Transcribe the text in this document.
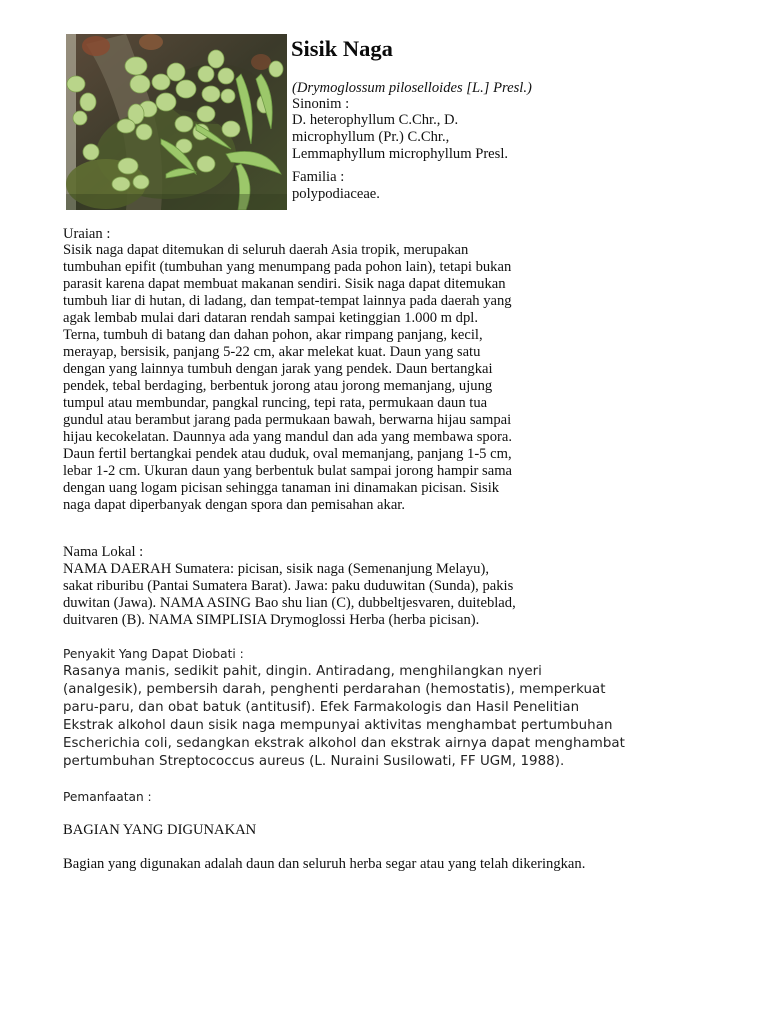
Sisik Naga
(Drymoglossum piloselloides [L.] Presl.)
Sinonim :
D. heterophyllum C.Chr., D.
microphyllum (Pr.) C.Chr.,
Lemmaphyllum microphyllum Presl.
Familia :
polypodiaceae.
Uraian :
Sisik naga dapat ditemukan di seluruh daerah Asia tropik, merupakan
tumbuhan epifit (tumbuhan yang menumpang pada pohon lain), tetapi bukan
parasit karena dapat membuat makanan sendiri. Sisik naga dapat ditemukan
tumbuh liar di hutan, di ladang, dan tempat-tempat lainnya pada daerah yang
agak lembab mulai dari dataran rendah sampai ketinggian 1.000 m dpl.
Terna, tumbuh di batang dan dahan pohon, akar rimpang panjang, kecil,
merayap, bersisik, panjang 5-22 cm, akar melekat kuat. Daun yang satu
dengan yang lainnya tumbuh dengan jarak yang pendek. Daun bertangkai
pendek, tebal berdaging, berbentuk jorong atau jorong memanjang, ujung
tumpul atau membundar, pangkal runcing, tepi rata, permukaan daun tua
gundul atau berambut jarang pada permukaan bawah, berwarna hijau sampai
hijau kecokelatan. Daunnya ada yang mandul dan ada yang membawa spora.
Daun fertil bertangkai pendek atau duduk, oval memanjang, panjang 1-5 cm,
lebar 1-2 cm. Ukuran daun yang berbentuk bulat sampai jorong hampir sama
dengan uang logam picisan sehingga tanaman ini dinamakan picisan. Sisik
naga dapat diperbanyak dengan spora dan pemisahan akar.
Nama Lokal :
NAMA DAERAH Sumatera: picisan, sisik naga (Semenanjung Melayu),
sakat riburibu (Pantai Sumatera Barat). Jawa: paku duduwitan (Sunda), pakis
duwitan (Jawa). NAMA ASING Bao shu lian (C), dubbeltjesvaren, duiteblad,
duitvaren (B). NAMA SIMPLISIA Drymoglossi Herba (herba picisan).
Penyakit Yang Dapat Diobati :
Rasanya manis, sedikit pahit, dingin. Antiradang, menghilangkan nyeri
(analgesik), pembersih darah, penghenti perdarahan (hemostatis), memperkuat
paru-paru, dan obat batuk (antitusif). Efek Farmakologis dan Hasil Penelitian
Ekstrak alkohol daun sisik naga mempunyai aktivitas menghambat pertumbuhan
Escherichia coli, sedangkan ekstrak alkohol dan ekstrak airnya dapat menghambat
pertumbuhan Streptococcus aureus (L. Nuraini Susilowati, FF UGM, 1988).
Pemanfaatan :
BAGIAN YANG DIGUNAKAN
Bagian yang digunakan adalah daun dan seluruh herba segar atau yang telah dikeringkan.
